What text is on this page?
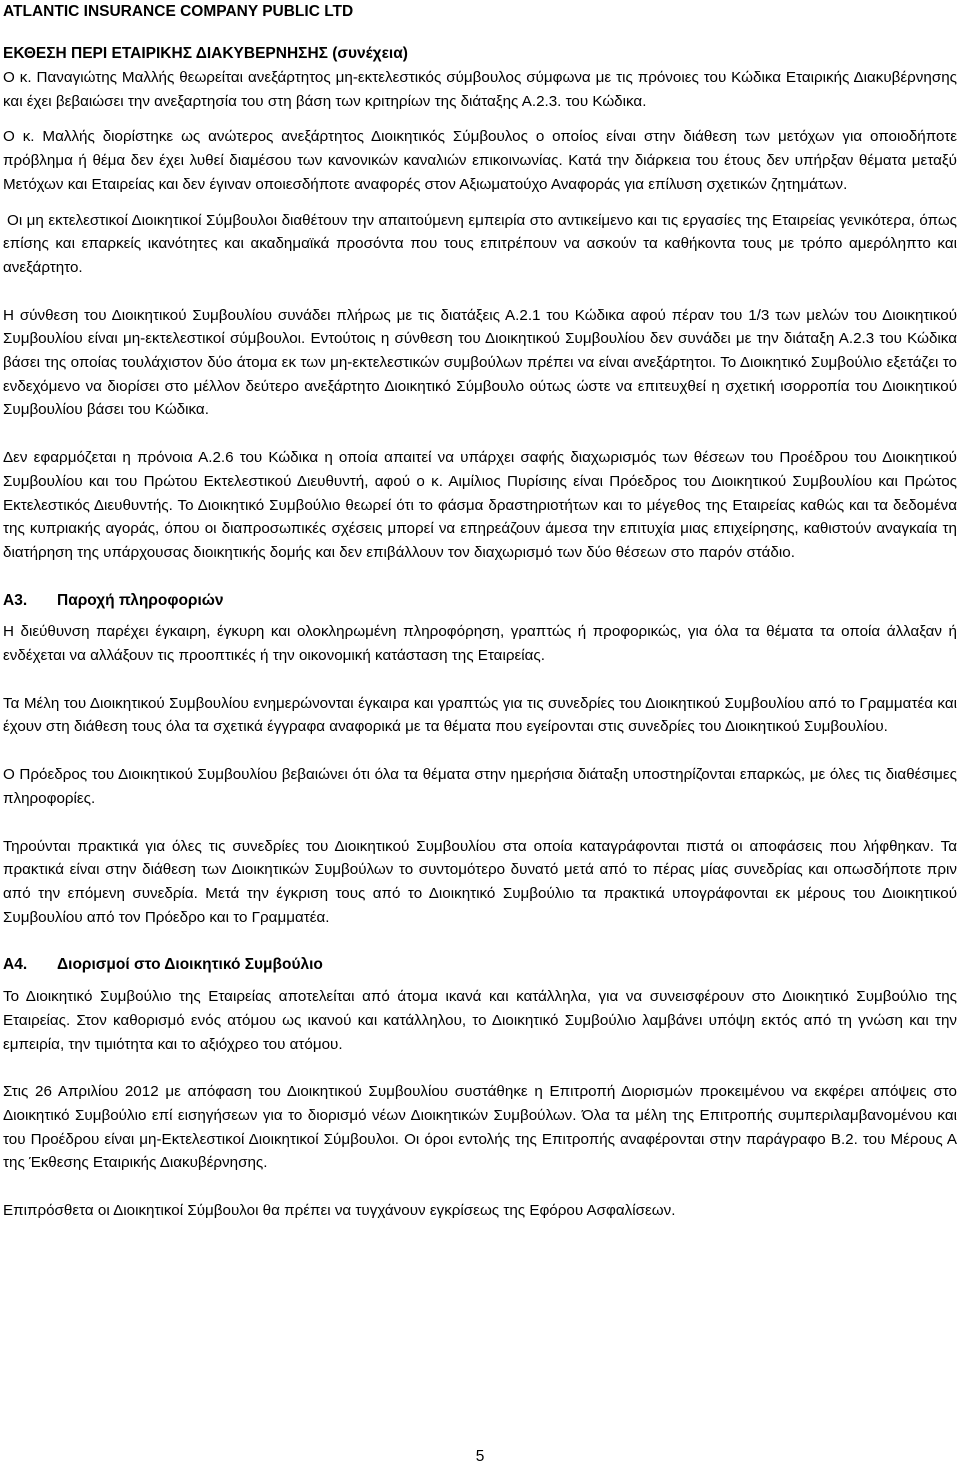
ATLANTIC INSURANCE COMPANY PUBLIC LTD
ΕΚΘΕΣΗ ΠΕΡΙ ΕΤΑΙΡΙΚΗΣ ΔΙΑΚΥΒΕΡΝΗΣΗΣ (συνέχεια)

Ο κ. Παναγιώτης Μαλλής θεωρείται ανεξάρτητος μη-εκτελεστικός σύμβουλος σύμφωνα με τις πρόνοιες του Κώδικα Εταιρικής Διακυβέρνησης και έχει βεβαιώσει την ανεξαρτησία του στη βάση των κριτηρίων της διάταξης Α.2.3. του Κώδικα.

Ο κ. Μαλλής διορίστηκε ως ανώτερος ανεξάρτητος Διοικητικός Σύμβουλος ο οποίος είναι στην διάθεση των μετόχων για οποιοδήποτε πρόβλημα ή θέμα δεν έχει λυθεί διαμέσου των κανονικών καναλιών επικοινωνίας. Κατά την διάρκεια του έτους δεν υπήρξαν θέματα μεταξύ Μετόχων και Εταιρείας και δεν έγιναν οποιεσδήποτε αναφορές στον Αξιωματούχο Αναφοράς για επίλυση σχετικών ζητημάτων.

Οι μη εκτελεστικοί Διοικητικοί Σύμβουλοι διαθέτουν την απαιτούμενη εμπειρία στο αντικείμενο και τις εργασίες της Εταιρείας γενικότερα, όπως επίσης και επαρκείς ικανότητες και ακαδημαϊκά προσόντα που τους επιτρέπουν να ασκούν τα καθήκοντα τους με τρόπο αμερόληπτο και ανεξάρτητο.

Η σύνθεση του Διοικητικού Συμβουλίου συνάδει πλήρως με τις διατάξεις Α.2.1 του Κώδικα αφού πέραν του 1/3 των μελών του Διοικητικού Συμβουλίου είναι μη-εκτελεστικοί σύμβουλοι. Εντούτοις η σύνθεση του Διοικητικού Συμβουλίου δεν συνάδει με την διάταξη Α.2.3 του Κώδικα βάσει της οποίας τουλάχιστον δύο άτομα εκ των μη-εκτελεστικών συμβούλων πρέπει να είναι ανεξάρτητοι. Το Διοικητικό Συμβούλιο εξετάζει το ενδεχόμενο να διορίσει στο μέλλον δεύτερο ανεξάρτητο Διοικητικό Σύμβουλο ούτως ώστε να επιτευχθεί η σχετική ισορροπία του Διοικητικού Συμβουλίου βάσει του Κώδικα.

Δεν εφαρμόζεται η πρόνοια Α.2.6 του Κώδικα η οποία απαιτεί να υπάρχει σαφής διαχωρισμός των θέσεων του Προέδρου του Διοικητικού Συμβουλίου και του Πρώτου Εκτελεστικού Διευθυντή, αφού ο κ. Αιμίλιος Πυρίσιης είναι Πρόεδρος του Διοικητικού Συμβουλίου και Πρώτος Εκτελεστικός Διευθυντής. Το Διοικητικό Συμβούλιο θεωρεί ότι το φάσμα δραστηριοτήτων και το μέγεθος της Εταιρείας καθώς και τα δεδομένα της κυπριακής αγοράς, όπου οι διαπροσωπικές σχέσεις μπορεί να επηρεάζουν άμεσα την επιτυχία μιας επιχείρησης, καθιστούν αναγκαία τη διατήρηση της υπάρχουσας διοικητικής δομής και δεν επιβάλλουν τον διαχωρισμό των δύο θέσεων στο παρόν στάδιο.

Α3. Παροχή πληροφοριών

Η διεύθυνση παρέχει έγκαιρη, έγκυρη και ολοκληρωμένη πληροφόρηση, γραπτώς ή προφορικώς, για όλα τα θέματα τα οποία άλλαξαν ή ενδέχεται να αλλάξουν τις προοπτικές ή την οικονομική κατάσταση της Εταιρείας.

Τα Μέλη του Διοικητικού Συμβουλίου ενημερώνονται έγκαιρα και γραπτώς για τις συνεδρίες του Διοικητικού Συμβουλίου από το Γραμματέα και έχουν στη διάθεση τους όλα τα σχετικά έγγραφα αναφορικά με τα θέματα που εγείρονται στις συνεδρίες του Διοικητικού Συμβουλίου.

Ο Πρόεδρος του Διοικητικού Συμβουλίου βεβαιώνει ότι όλα τα θέματα στην ημερήσια διάταξη υποστηρίζονται επαρκώς, με όλες τις διαθέσιμες πληροφορίες.

Τηρούνται πρακτικά για όλες τις συνεδρίες του Διοικητικού Συμβουλίου στα οποία καταγράφονται πιστά οι αποφάσεις που λήφθηκαν. Τα πρακτικά είναι στην διάθεση των Διοικητικών Συμβούλων το συντομότερο δυνατό μετά από το πέρας μίας συνεδρίας και οπωσδήποτε πριν από την επόμενη συνεδρία. Μετά την έγκριση τους από το Διοικητικό Συμβούλιο τα πρακτικά υπογράφονται εκ μέρους του Διοικητικού Συμβουλίου από τον Πρόεδρο και το Γραμματέα.

Α4. Διορισμοί στο Διοικητικό Συμβούλιο

Το Διοικητικό Συμβούλιο της Εταιρείας αποτελείται από άτομα ικανά και κατάλληλα, για να συνεισφέρουν στο Διοικητικό Συμβούλιο της Εταιρείας. Στον καθορισμό ενός ατόμου ως ικανού και κατάλληλου, το Διοικητικό Συμβούλιο λαμβάνει υπόψη εκτός από τη γνώση και την εμπειρία, την τιμιότητα και το αξιόχρεο του ατόμου.

Στις 26 Απριλίου 2012 με απόφαση του Διοικητικού Συμβουλίου συστάθηκε η Επιτροπή Διορισμών προκειμένου να εκφέρει απόψεις στο Διοικητικό Συμβούλιο επί εισηγήσεων για το διορισμό νέων Διοικητικών Συμβούλων. Όλα τα μέλη της Επιτροπής συμπεριλαμβανομένου και του Προέδρου είναι μη-Εκτελεστικοί Διοικητικοί Σύμβουλοι. Οι όροι εντολής της Επιτροπής αναφέρονται στην παράγραφο Β.2. του Μέρους Α της Έκθεσης Εταιρικής Διακυβέρνησης.

Επιπρόσθετα οι Διοικητικοί Σύμβουλοι θα πρέπει να τυγχάνουν εγκρίσεως της Εφόρου Ασφαλίσεων.

5
